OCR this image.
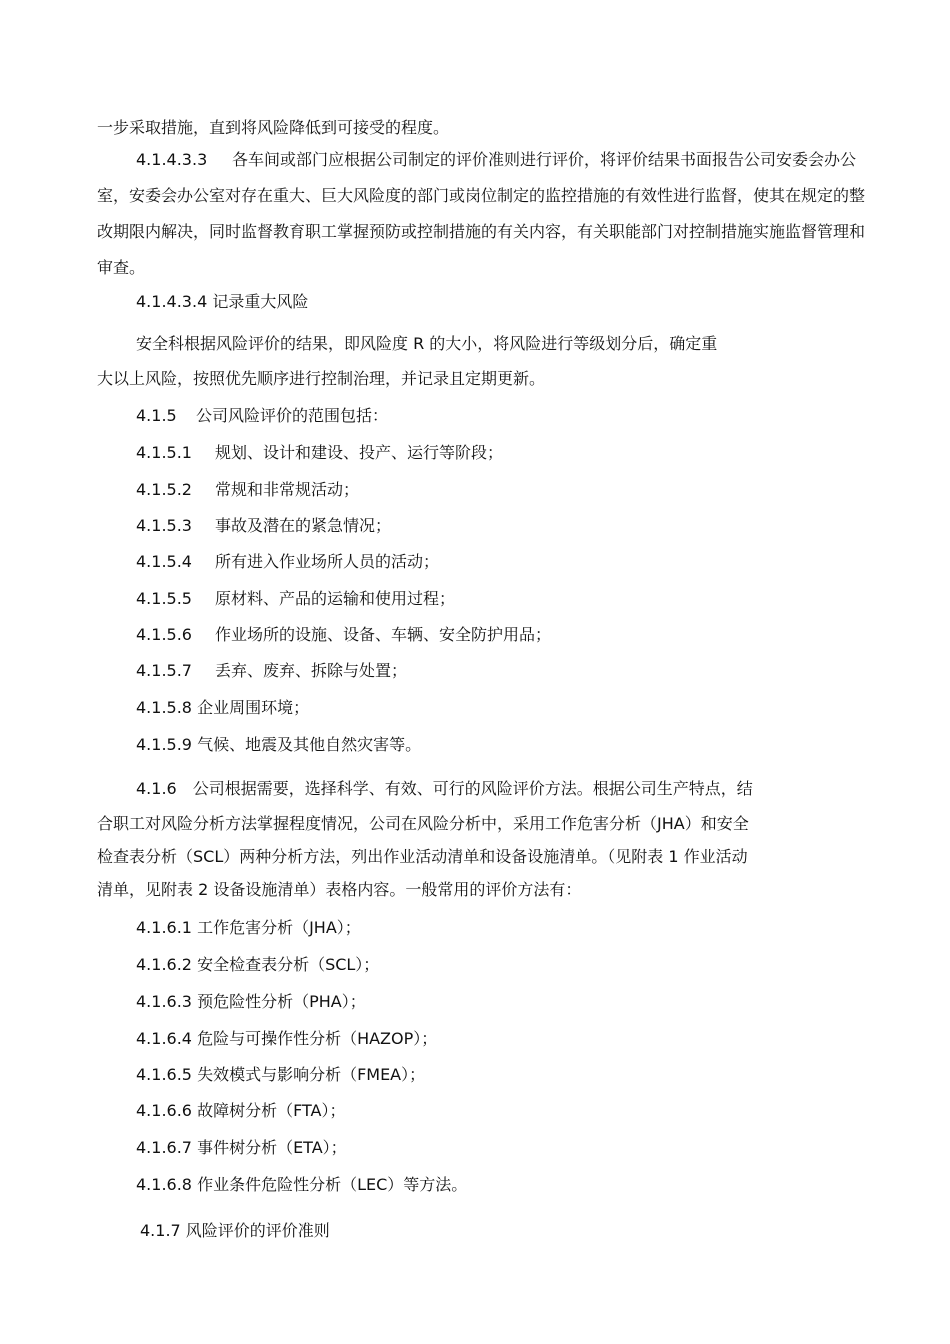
一步采取措施，直到将风险降低到可接受的程度。

4.1.4.3.3	各车间或部门应根据公司制定的评价准则进行评价，将评价结果书面报告公司安委会办公室，安委会办公室对存在重大、巨大风险度的部门或岗位制定的监控措施的有效性进行监督，使其在规定的整改期限内解决，同时监督教育职工掌握预防或控制措施的有关内容，有关职能部门对控制措施实施监督管理和审查。

4.1.4.3.4 记录重大风险

安全科根据风险评价的结果，即风险度 R 的大小，将风险进行等级划分后，确定重

大以上风险，按照优先顺序进行控制治理，并记录且定期更新。

4.1.5 公司风险评价的范围包括：

4.1.5.1 规划、设计和建设、投产、运行等阶段；

4.1.5.2 常规和非常规活动；

4.1.5.3 事故及潜在的紧急情况；

4.1.5.4 所有进入作业场所人员的活动；

4.1.5.5 原材料、产品的运输和使用过程；

4.1.5.6 作业场所的设施、设备、车辆、安全防护用品；

4.1.5.7 丢弃、废弃、拆除与处置；

4.1.5.8 企业周围环境；

4.1.5.9 气候、地震及其他自然灾害等。

4.1.6　公司根据需要，选择科学、有效、可行的风险评价方法。根据公司生产特点，结

合职工对风险分析方法掌握程度情况，公司在风险分析中，采用工作危害分析（JHA）和安全

检查表分析（SCL）两种分析方法，列出作业活动清单和设备设施清单。（见附表 1 作业活动

清单，见附表 2 设备设施清单）表格内容。一般常用的评价方法有：

4.1.6.1 工作危害分析（JHA）；

4.1.6.2 安全检查表分析（SCL）；

4.1.6.3 预危险性分析（PHA）；

4.1.6.4 危险与可操作性分析（HAZOP）；

4.1.6.5 失效模式与影响分析（FMEA）；

4.1.6.6 故障树分析（FTA）；

4.1.6.7 事件树分析（ETA）；

4.1.6.8 作业条件危险性分析（LEC）等方法。

4.1.7 风险评价的评价准则
